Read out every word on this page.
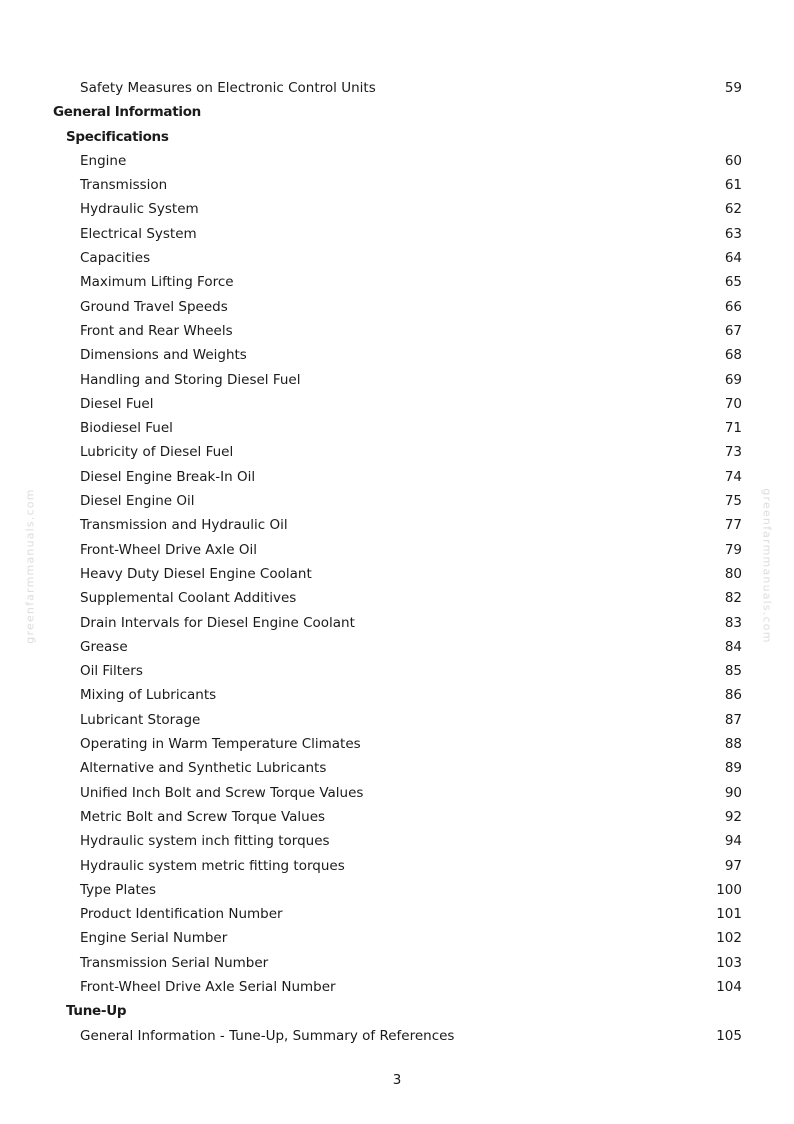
Safety Measures on Electronic Control Units	59
General Information
Specifications
Engine	60
Transmission	61
Hydraulic System	62
Electrical System	63
Capacities	64
Maximum Lifting Force	65
Ground Travel Speeds	66
Front and Rear Wheels	67
Dimensions and Weights	68
Handling and Storing Diesel Fuel	69
Diesel Fuel	70
Biodiesel Fuel	71
Lubricity of Diesel Fuel	73
Diesel Engine Break-In Oil	74
Diesel Engine Oil	75
Transmission and Hydraulic Oil	77
Front-Wheel Drive Axle Oil	79
Heavy Duty Diesel Engine Coolant	80
Supplemental Coolant Additives	82
Drain Intervals for Diesel Engine Coolant	83
Grease	84
Oil Filters	85
Mixing of Lubricants	86
Lubricant Storage	87
Operating in Warm Temperature Climates	88
Alternative and Synthetic Lubricants	89
Unified Inch Bolt and Screw Torque Values	90
Metric Bolt and Screw Torque Values	92
Hydraulic system inch fitting torques	94
Hydraulic system metric fitting torques	97
Type Plates	100
Product Identification Number	101
Engine Serial Number	102
Transmission Serial Number	103
Front-Wheel Drive Axle Serial Number	104
Tune-Up
General Information - Tune-Up, Summary of References	105
3
greenfarmmanuals.com	greenfarmmanuals.com
